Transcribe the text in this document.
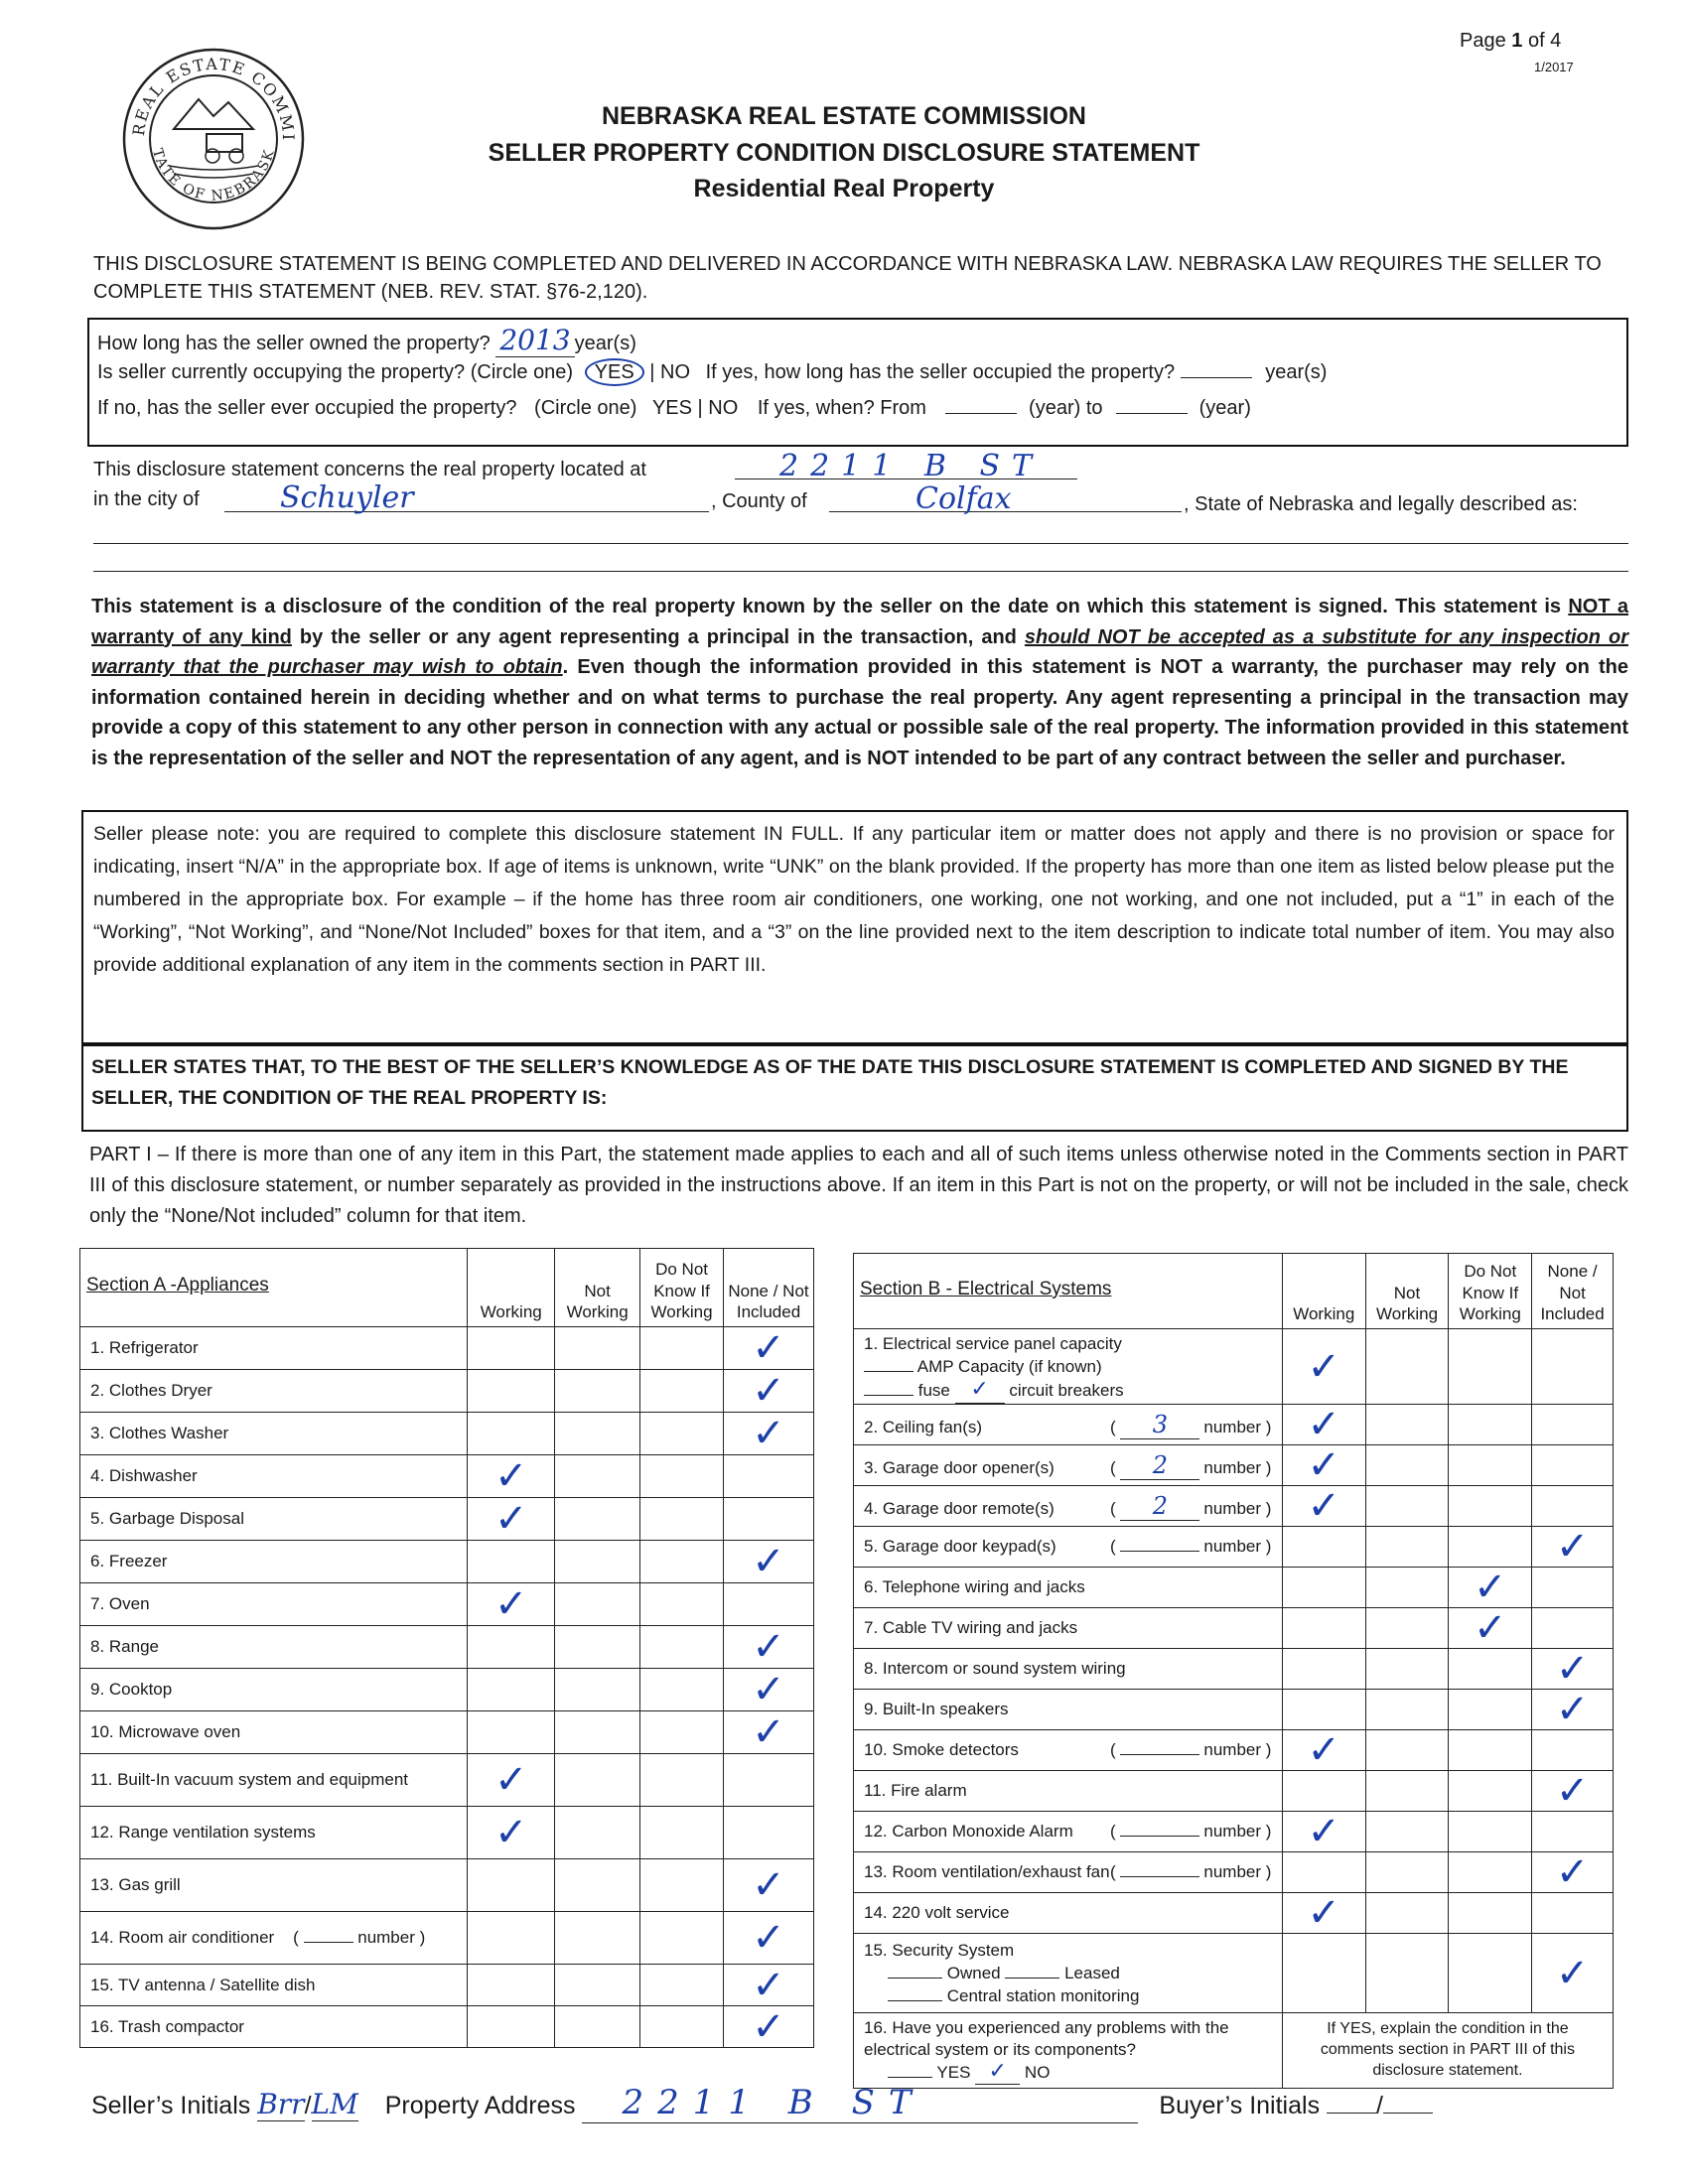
REAL ESTATE COMMI
TATE OF NEBRASK
Page 1 of 4
1/2017
NEBRASKA REAL ESTATE COMMISSION
SELLER PROPERTY CONDITION DISCLOSURE STATEMENT
Residential Real Property
THIS DISCLOSURE STATEMENT IS BEING COMPLETED AND DELIVERED IN ACCORDANCE WITH NEBRASKA LAW. NEBRASKA LAW REQUIRES THE SELLER TO COMPLETE THIS STATEMENT (NEB. REV. STAT. §76-2,120).
How long has the seller owned the property? 2013 year(s)
Is seller currently occupying the property? (Circle one) YES | NO If yes, how long has the seller occupied the property?	year(s)
If no, has the seller ever occupied the property? (Circle one) YES | NO If yes, when? From	(year) to	(year)
This disclosure statement concerns the real property located at	2211 B ST
in the city of	Schuyler	, County of	Colfax	, State of Nebraska and legally described as:
This statement is a disclosure of the condition of the real property known by the seller on the date on which this statement is signed. This statement is NOT a warranty of any kind by the seller or any agent representing a principal in the transaction, and should NOT be accepted as a substitute for any inspection or warranty that the purchaser may wish to obtain. Even though the information provided in this statement is NOT a warranty, the purchaser may rely on the information contained herein in deciding whether and on what terms to purchase the real property. Any agent representing a principal in the transaction may provide a copy of this statement to any other person in connection with any actual or possible sale of the real property. The information provided in this statement is the representation of the seller and NOT the representation of any agent, and is NOT intended to be part of any contract between the seller and purchaser.
Seller please note: you are required to complete this disclosure statement IN FULL. If any particular item or matter does not apply and there is no provision or space for indicating, insert “N/A” in the appropriate box. If age of items is unknown, write “UNK” on the blank provided. If the property has more than one item as listed below please put the numbered in the appropriate box. For example – if the home has three room air conditioners, one working, one not working, and one not included, put a “1” in each of the “Working”, “Not Working”, and “None/Not Included” boxes for that item, and a “3” on the line provided next to the item description to indicate total number of item. You may also provide additional explanation of any item in the comments section in PART III.
SELLER STATES THAT, TO THE BEST OF THE SELLER’S KNOWLEDGE AS OF THE DATE THIS DISCLOSURE STATEMENT IS COMPLETED AND SIGNED BY THE SELLER, THE CONDITION OF THE REAL PROPERTY IS:
PART I – If there is more than one of any item in this Part, the statement made applies to each and all of such items unless otherwise noted in the Comments section in PART III of this disclosure statement, or number separately as provided in the instructions above. If an item in this Part is not on the property, or will not be included in the sale, check only the “None/Not included” column for that item.
Section A -Appliances	Working	Not Working	Do Not Know If Working	None / Not Included
1. Refrigerator				✓
2. Clothes Dryer				✓
3. Clothes Washer				✓
4. Dishwasher	✓			
5. Garbage Disposal	✓			
6. Freezer				✓
7. Oven	✓			
8. Range				✓
9. Cooktop				✓
10. Microwave oven				✓
11. Built-In vacuum system and equipment	✓			
12. Range ventilation systems	✓			
13. Gas grill				✓
14. Room air conditioner    ( number )				✓
15. TV antenna / Satellite dish				✓
16. Trash compactor				✓
Section B - Electrical Systems	Working	Not Working	Do Not Know If Working	None / Not Included

1. Electrical service panel capacity
AMP Capacity (if known)
fuse ✓ circuit breakers	✓			
2. Ceiling fan(s) ( 3 number )	✓			
3. Garage door opener(s) ( 2 number )	✓			
4. Garage door remote(s) ( 2 number )	✓			
5. Garage door keypad(s) ( number )				✓
6. Telephone wiring and jacks			✓	
7. Cable TV wiring and jacks			✓	
8. Intercom or sound system wiring				✓
9. Built-In speakers				✓
10. Smoke detectors ( number )	✓			
11. Fire alarm				✓
12. Carbon Monoxide Alarm ( number )	✓			
13. Room ventilation/exhaust fan( number )				✓
14. 220 volt service	✓			

15. Security System
Owned Leased
Central station monitoring				✓

16. Have you experienced any problems with the electrical system or its components?
YES ✓ NO	If YES, explain the condition in the comments section in PART III of this disclosure statement.			
Seller’s Initials Brr/LM Property Address 2211 B ST	Buyer’s Initials /
